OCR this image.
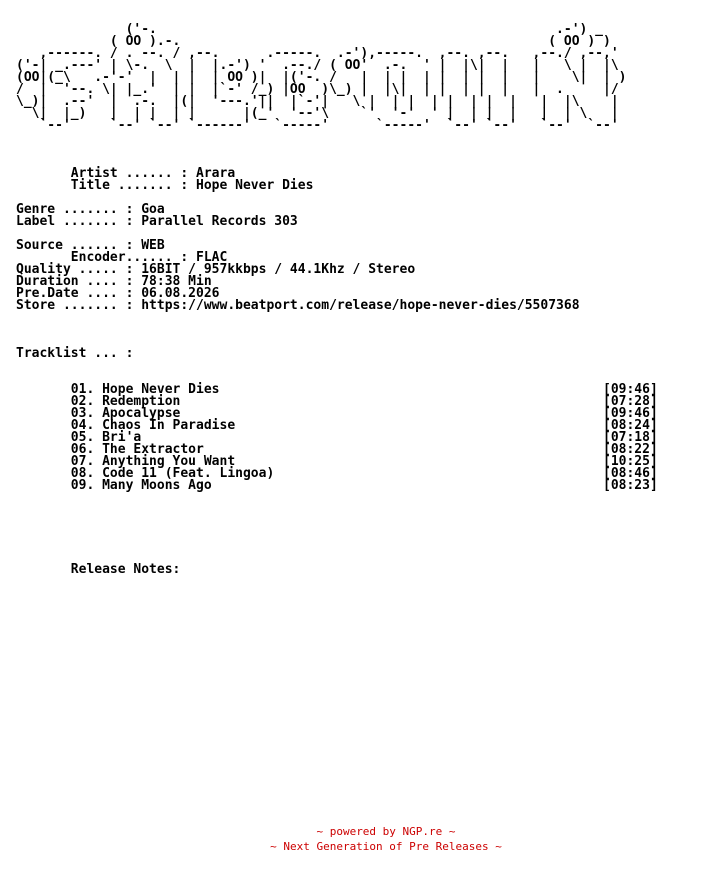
('-.                                                   .-') _
( OO ).-.                                               ( OO ) )
,------. / . --. / ,--.      .-----.  .-'),-----.  ,--. ,--.   ,--./ ,--,'
('-| _.---' | \-.  \  |  |.-') '  .--./ ( OO'  .-.  ' |  |\|  |   |   \ |  |\
(OO|(_\   .-'-'  |  | |  | OO )|  |('-. /   |  | |  | |  | |  |   |    \|  | )
/  |  '--. \| |_.'  | |  |`-' /_) |OO  )\_) |  |\|  | |  | |  |   |  .     |/
\_)|  .--'  |  .-.  |(|  '---.'||  |`-'|   \ |  | |  | |  | |  |   |  |\    |
\|  |_)   |  | |  | |      |(_'  '--'\    `'  '-'  ' |  | |  |   |  | \   |
`--'     `--' `--' `------'   `-----'      `-----'  `--' `--'   `--'  `--'

Artist ...... : Arara
Title ....... : Hope Never Dies

Genre ....... : Goa
Label ....... : Parallel Records 303

Source ...... : WEB
Encoder...... : FLAC
Quality ..... : 16BIT / 957kkbps / 44.1Khz / Stereo
Duration .... : 78:38 Min
Pre.Date .... : 06.08.2026
Store ....... : https://www.beatport.com/release/hope-never-dies/5507368

Tracklist ... :

01. Hope Never Dies                                                 [09:46]
02. Redemption                                                      [07:28]
03. Apocalypse                                                      [09:46]
04. Chaos In Paradise                                               [08:24]
05. Bri'a                                                           [07:18]
06. The Extractor                                                   [08:22]
07. Anything You Want                                               [10:25]
08. Code 11 (Feat. Lingoa)                                          [08:46]
09. Many Moons Ago                                                  [08:23]

Release Notes:
~ powered by NGP.re ~
~ Next Generation of Pre Releases ~
